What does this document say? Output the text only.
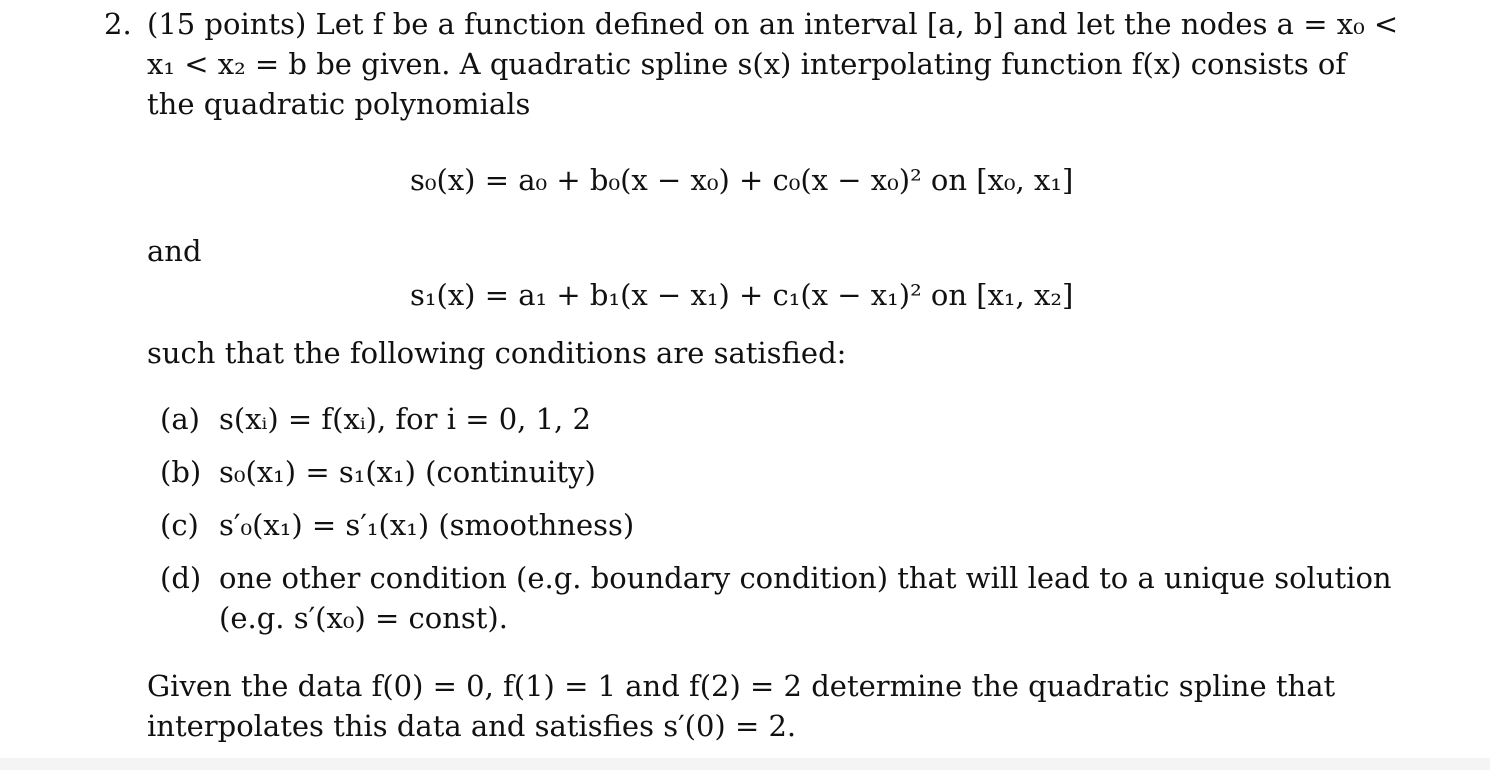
2. (15 points) Let f be a function defined on an interval [a, b] and let the nodes a = x₀ <
x₁ < x₂ = b be given. A quadratic spline s(x) interpolating function f(x) consists of
the quadratic polynomials
s₀(x) = a₀ + b₀(x − x₀) + c₀(x − x₀)² on [x₀, x₁]
and
s₁(x) = a₁ + b₁(x − x₁) + c₁(x − x₁)² on [x₁, x₂]
such that the following conditions are satisfied:
(a) s(xᵢ) = f(xᵢ), for i = 0, 1, 2
(b) s₀(x₁) = s₁(x₁) (continuity)
(c) s′₀(x₁) = s′₁(x₁) (smoothness)
(d) one other condition (e.g. boundary condition) that will lead to a unique solution
(e.g. s′(x₀) = const).
Given the data f(0) = 0, f(1) = 1 and f(2) = 2 determine the quadratic spline that
interpolates this data and satisfies s′(0) = 2.
